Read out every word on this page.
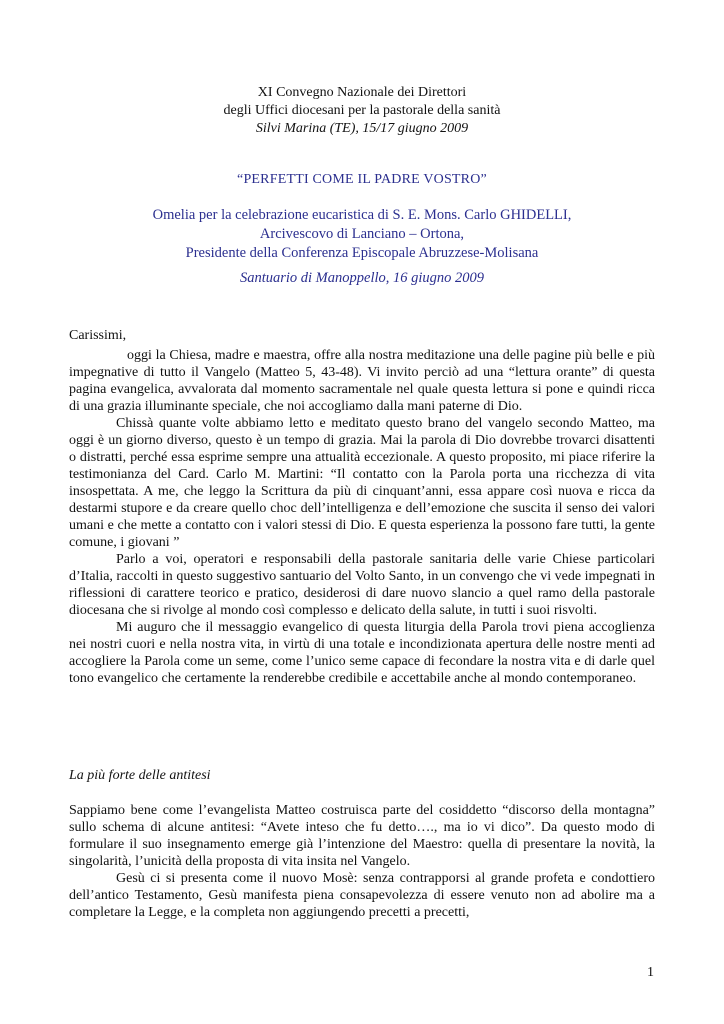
XI Convegno Nazionale dei Direttori
degli Uffici diocesani per la pastorale della sanità
Silvi Marina (TE), 15/17 giugno 2009
“PERFETTI COME IL PADRE VOSTRO”
Omelia per la celebrazione eucaristica di S. E. Mons. Carlo GHIDELLI,
Arcivescovo di Lanciano – Ortona,
Presidente della Conferenza Episcopale Abruzzese-Molisana
Santuario di Manoppello, 16 giugno 2009

Carissimi,

oggi la Chiesa, madre e maestra, offre alla nostra meditazione una delle pagine più belle e più impegnative di tutto il Vangelo (Matteo 5, 43-48). Vi invito perciò ad una “lettura orante” di questa pagina evangelica, avvalorata dal momento sacramentale nel quale questa lettura si pone e quindi ricca di una grazia illuminante speciale, che noi accogliamo dalla mani paterne di Dio.

Chissà quante volte abbiamo letto e meditato questo brano del vangelo secondo Matteo, ma oggi è un giorno diverso, questo è un tempo di grazia. Mai la parola di Dio dovrebbe trovarci disattenti o distratti, perché essa esprime sempre una attualità eccezionale. A questo proposito, mi piace riferire la testimonianza del Card. Carlo M. Martini: “Il contatto con la Parola porta una ricchezza di vita insospettata. A me, che leggo la Scrittura da più di cinquant’anni, essa appare così nuova e ricca da destarmi stupore e da creare quello choc dell’intelligenza e dell’emozione che suscita il senso dei valori umani e che mette a contatto con i valori stessi di Dio. E questa esperienza la possono fare tutti, la gente comune, i giovani ”

Parlo a voi, operatori e responsabili della pastorale sanitaria delle varie Chiese particolari d’Italia, raccolti in questo suggestivo santuario del Volto Santo, in un convengo che vi vede impegnati in riflessioni di carattere teorico e pratico, desiderosi di dare nuovo slancio a quel ramo della pastorale diocesana che si rivolge al mondo così complesso e delicato della salute, in tutti i suoi risvolti.

Mi auguro che il messaggio evangelico di questa liturgia della Parola trovi piena accoglienza nei nostri cuori e nella nostra vita, in virtù di una totale e incondizionata apertura delle nostre menti ad accogliere la Parola come un seme, come l’unico seme capace di fecondare la nostra vita e di darle quel tono evangelico che certamente la renderebbe credibile e accettabile anche al mondo contemporaneo.

La più forte delle antitesi

Sappiamo bene come l’evangelista Matteo costruisca parte del cosiddetto “discorso della montagna” sullo schema di alcune antitesi: “Avete inteso che fu detto…., ma io vi dico”. Da questo modo di formulare il suo insegnamento emerge già l’intenzione del Maestro: quella di presentare la novità, la singolarità, l’unicità della proposta di vita insita nel Vangelo.

Gesù ci si presenta come il nuovo Mosè: senza contrapporsi al grande profeta e condottiero dell’antico Testamento, Gesù manifesta piena consapevolezza di essere venuto non ad abolire ma a completare la Legge, e la completa non aggiungendo precetti a precetti,

1
